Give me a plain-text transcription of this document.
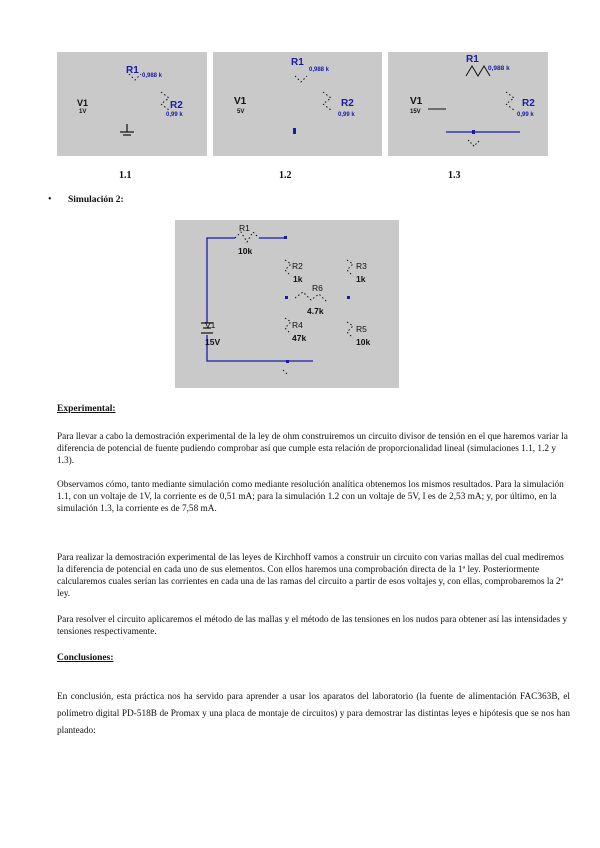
R1 0,988 k
R2
0,99 k
V1
1V
1.1
R1
0,988 k
R2
0,99 k
V1
5V
1.2
R1
0,988 k
R2
0,99 k
V1
15V
1.3
• Simulación 2:
R1
10k
R2
1k
R3
1k
R6
4.7k
R4
47k
R5
10k
V1
15V
Experimental:

Para llevar a cabo la demostración experimental de la ley de ohm construiremos un circuito divisor de tensión en el que haremos variar la diferencia de potencial de fuente pudiendo comprobar así que cumple esta relación de proporcionalidad lineal (simulaciones 1.1, 1.2 y 1.3).

Observamos cómo, tanto mediante simulación como mediante resolución analítica obtenemos los mismos resultados. Para la simulación 1.1, con un voltaje de 1V, la corriente es de 0,51 mA; para la simulación 1.2 con un voltaje de 5V, I es de 2,53 mA; y, por último, en la simulación 1.3, la corriente es de 7,58 mA.

Para realizar la demostración experimental de las leyes de Kirchhoff vamos a construir un circuito con varias mallas del cual mediremos la diferencia de potencial en cada uno de sus elementos. Con ellos haremos una comprobación directa de la 1ª ley. Posteriormente calcularemos cuales serían las corrientes en cada una de las ramas del circuito a partir de esos voltajes y, con ellas, comprobaremos la 2ª ley.

Para resolver el circuito aplicaremos el método de las mallas y el método de las tensiones en los nudos para obtener así las intensidades y tensiones respectivamente.

Conclusiones:

En conclusión, esta práctica nos ha servido para aprender a usar los aparatos del laboratorio (la fuente de alimentación FAC363B, el polímetro digital PD-518B de Promax y una placa de montaje de circuitos) y para demostrar las distintas leyes e hipótesis que se nos han planteado:
